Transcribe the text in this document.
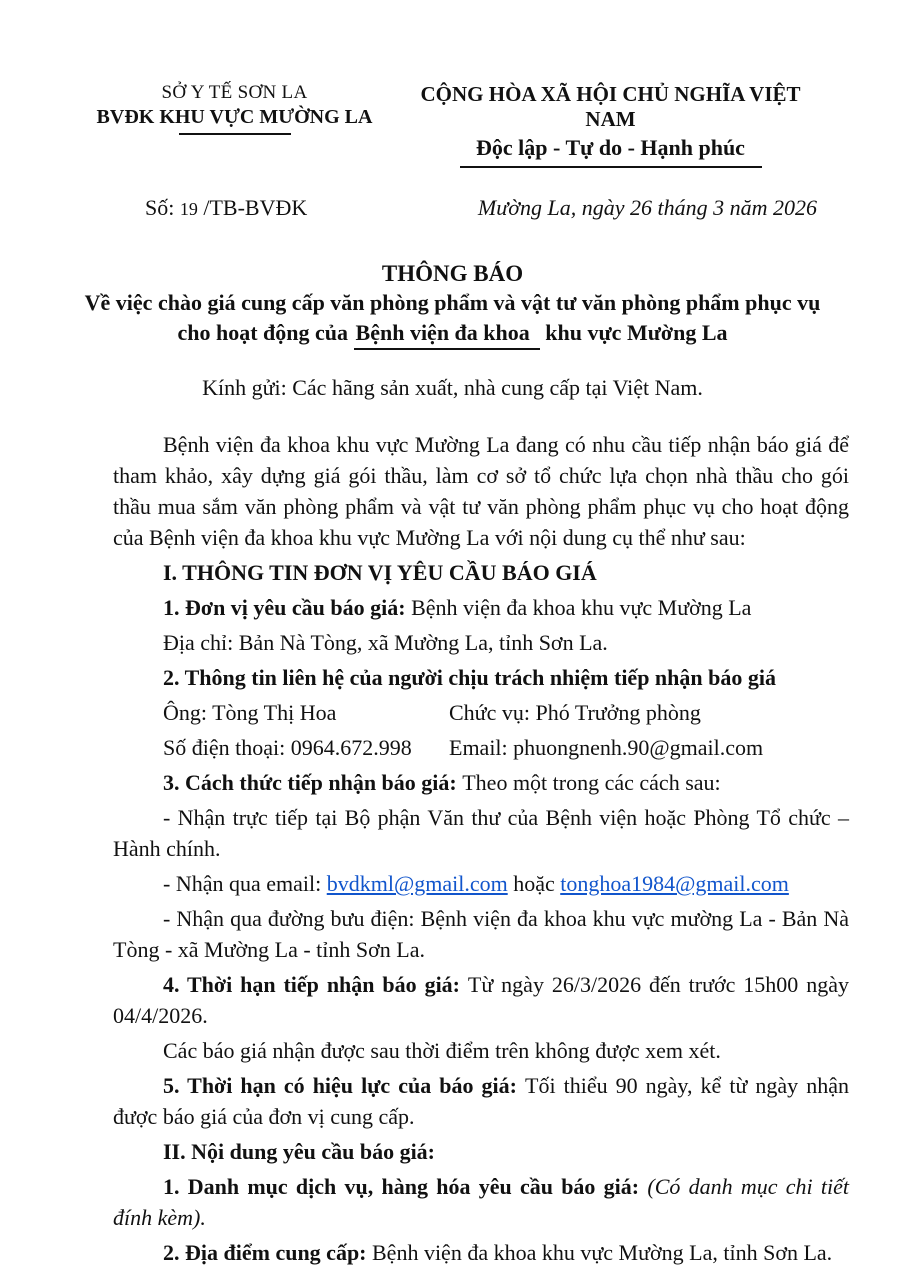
SỞ Y TẾ SƠN LA
BVĐK KHU VỰC MƯỜNG LA
CỘNG HÒA XÃ HỘI CHỦ NGHĨA VIỆT NAM
Độc lập - Tự do - Hạnh phúc
Số: 19 /TB-BVĐK	Mường La, ngày 26 tháng 3 năm 2026
THÔNG BÁO
Về việc chào giá cung cấp văn phòng phẩm và vật tư văn phòng phẩm phục vụ
cho hoạt động của Bệnh viện đa khoa khu vực Mường La
Kính gửi: Các hãng sản xuất, nhà cung cấp tại Việt Nam.

Bệnh viện đa khoa khu vực Mường La đang có nhu cầu tiếp nhận báo giá để tham khảo, xây dựng giá gói thầu, làm cơ sở tổ chức lựa chọn nhà thầu cho gói thầu mua sắm văn phòng phẩm và vật tư văn phòng phẩm phục vụ cho hoạt động của Bệnh viện đa khoa khu vực Mường La với nội dung cụ thể như sau:

I. THÔNG TIN ĐƠN VỊ YÊU CẦU BÁO GIÁ

1. Đơn vị yêu cầu báo giá: Bệnh viện đa khoa khu vực Mường La

Địa chỉ: Bản Nà Tòng, xã Mường La, tỉnh Sơn La.

2. Thông tin liên hệ của người chịu trách nhiệm tiếp nhận báo giá

Ông: Tòng Thị Hoa	Chức vụ: Phó Trưởng phòng

Số điện thoại: 0964.672.998	Email: phuongnenh.90@gmail.com

3. Cách thức tiếp nhận báo giá: Theo một trong các cách sau:

- Nhận trực tiếp tại Bộ phận Văn thư của Bệnh viện hoặc Phòng Tổ chức – Hành chính.

- Nhận qua email: bvdkml@gmail.com hoặc tonghoa1984@gmail.com

- Nhận qua đường bưu điện: Bệnh viện đa khoa khu vực mường La - Bản Nà Tòng - xã Mường La - tỉnh Sơn La.

4. Thời hạn tiếp nhận báo giá: Từ ngày 26/3/2026 đến trước 15h00 ngày 04/4/2026.

Các báo giá nhận được sau thời điểm trên không được xem xét.

5. Thời hạn có hiệu lực của báo giá: Tối thiểu 90 ngày, kể từ ngày nhận được báo giá của đơn vị cung cấp.

II. Nội dung yêu cầu báo giá:

1. Danh mục dịch vụ, hàng hóa yêu cầu báo giá: (Có danh mục chi tiết đính kèm).

2. Địa điểm cung cấp: Bệnh viện đa khoa khu vực Mường La, tỉnh Sơn La.
